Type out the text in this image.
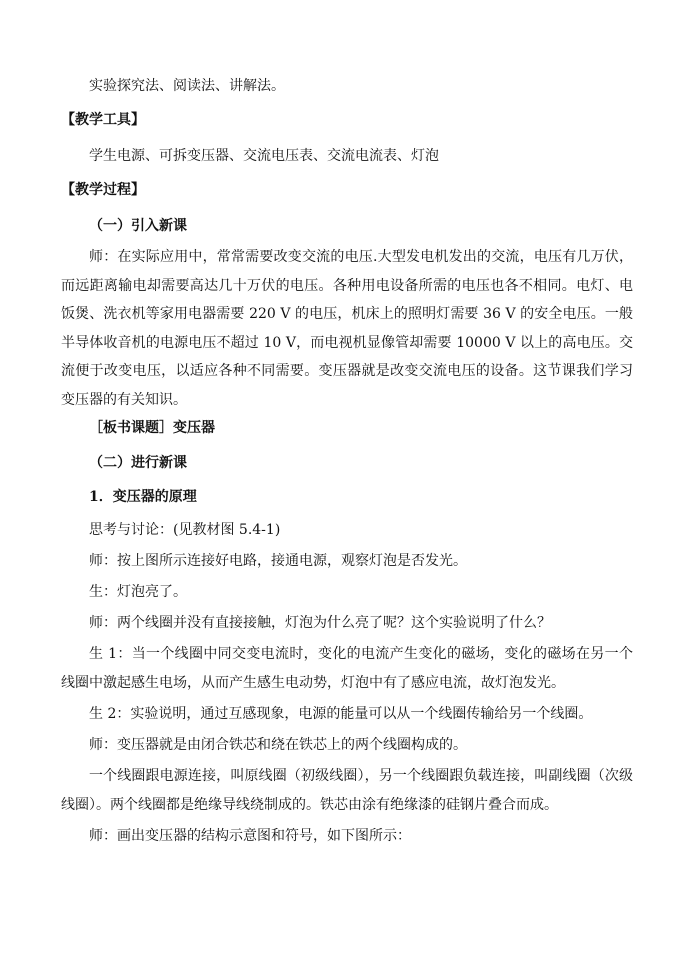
实验探究法、阅读法、讲解法。
【教学工具】
学生电源、可拆变压器、交流电压表、交流电流表、灯泡
【教学过程】
（一）引入新课
师：在实际应用中，常常需要改变交流的电压.大型发电机发出的交流，电压有几万伏，而远距离输电却需要高达几十万伏的电压。各种用电设备所需的电压也各不相同。电灯、电饭煲、洗衣机等家用电器需要 220 V 的电压，机床上的照明灯需要 36 V 的安全电压。一般半导体收音机的电源电压不超过 10 V，而电视机显像管却需要 10000 V 以上的高电压。交流便于改变电压，以适应各种不同需要。变压器就是改变交流电压的设备。这节课我们学习变压器的有关知识。
［板书课题］变压器
（二）进行新课
1．变压器的原理
思考与讨论：(见教材图 5.4-1)
师：按上图所示连接好电路，接通电源，观察灯泡是否发光。
生：灯泡亮了。
师：两个线圈并没有直接接触，灯泡为什么亮了呢？这个实验说明了什么？
生 1：当一个线圈中同交变电流时，变化的电流产生变化的磁场，变化的磁场在另一个线圈中激起感生电场，从而产生感生电动势，灯泡中有了感应电流，故灯泡发光。
生 2：实验说明，通过互感现象，电源的能量可以从一个线圈传输给另一个线圈。
师：变压器就是由闭合铁芯和绕在铁芯上的两个线圈构成的。
一个线圈跟电源连接，叫原线圈（初级线圈），另一个线圈跟负载连接，叫副线圈（次级线圈）。两个线圈都是绝缘导线绕制成的。铁芯由涂有绝缘漆的硅钢片叠合而成。
师：画出变压器的结构示意图和符号，如下图所示：
